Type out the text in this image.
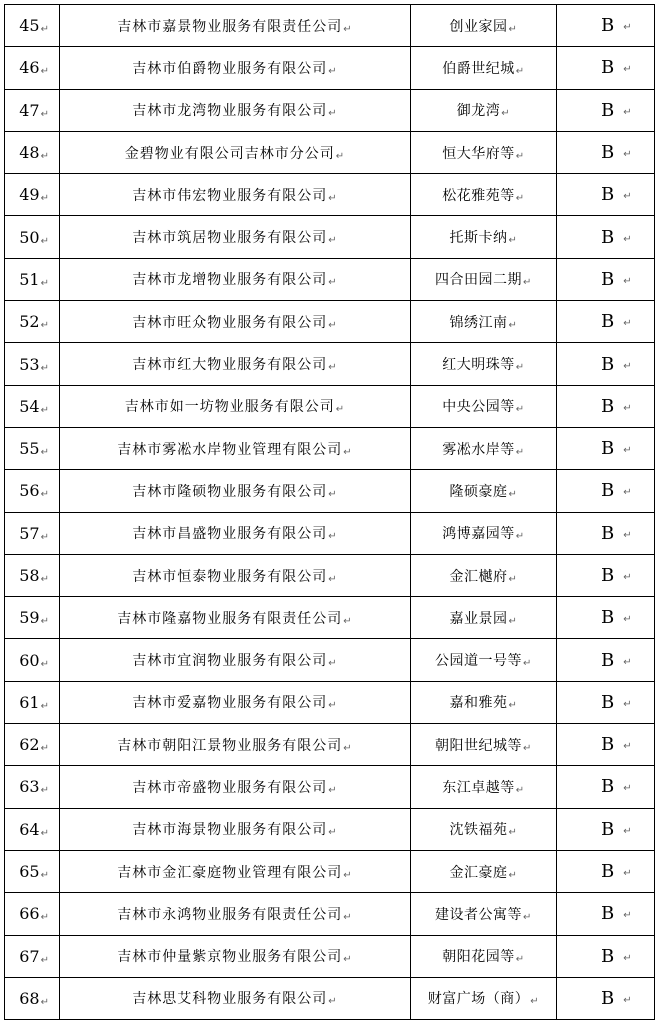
45↵	吉林市嘉景物业服务有限责任公司↵	创业家园↵	B ↵
46↵	吉林市伯爵物业服务有限公司↵	伯爵世纪城↵	B ↵
47↵	吉林市龙湾物业服务有限公司↵	御龙湾↵	B ↵
48↵	金碧物业有限公司吉林市分公司↵	恒大华府等↵	B ↵
49↵	吉林市伟宏物业服务有限公司↵	松花雅苑等↵	B ↵
50↵	吉林市筑居物业服务有限公司↵	托斯卡纳↵	B ↵
51↵	吉林市龙增物业服务有限公司↵	四合田园二期↵	B ↵
52↵	吉林市旺众物业服务有限公司↵	锦绣江南↵	B ↵
53↵	吉林市红大物业服务有限公司↵	红大明珠等↵	B ↵
54↵	吉林市如一坊物业服务有限公司↵	中央公园等↵	B ↵
55↵	吉林市雾凇水岸物业管理有限公司↵	雾凇水岸等↵	B ↵
56↵	吉林市隆硕物业服务有限公司↵	隆硕豪庭↵	B ↵
57↵	吉林市昌盛物业服务有限公司↵	鸿博嘉园等↵	B ↵
58↵	吉林市恒泰物业服务有限公司↵	金汇樾府↵	B ↵
59↵	吉林市隆嘉物业服务有限责任公司↵	嘉业景园↵	B ↵
60↵	吉林市宜润物业服务有限公司↵	公园道一号等↵	B ↵
61↵	吉林市爱嘉物业服务有限公司↵	嘉和雅苑↵	B ↵
62↵	吉林市朝阳江景物业服务有限公司↵	朝阳世纪城等↵	B ↵
63↵	吉林市帝盛物业服务有限公司↵	东江卓越等↵	B ↵
64↵	吉林市海景物业服务有限公司↵	沈铁福苑↵	B ↵
65↵	吉林市金汇豪庭物业管理有限公司↵	金汇豪庭↵	B ↵
66↵	吉林市永鸿物业服务有限责任公司↵	建设者公寓等↵	B ↵
67↵	吉林市仲量紫京物业服务有限公司↵	朝阳花园等↵	B ↵
68↵	吉林思艾科物业服务有限公司↵	财富广场（商）↵	B ↵
